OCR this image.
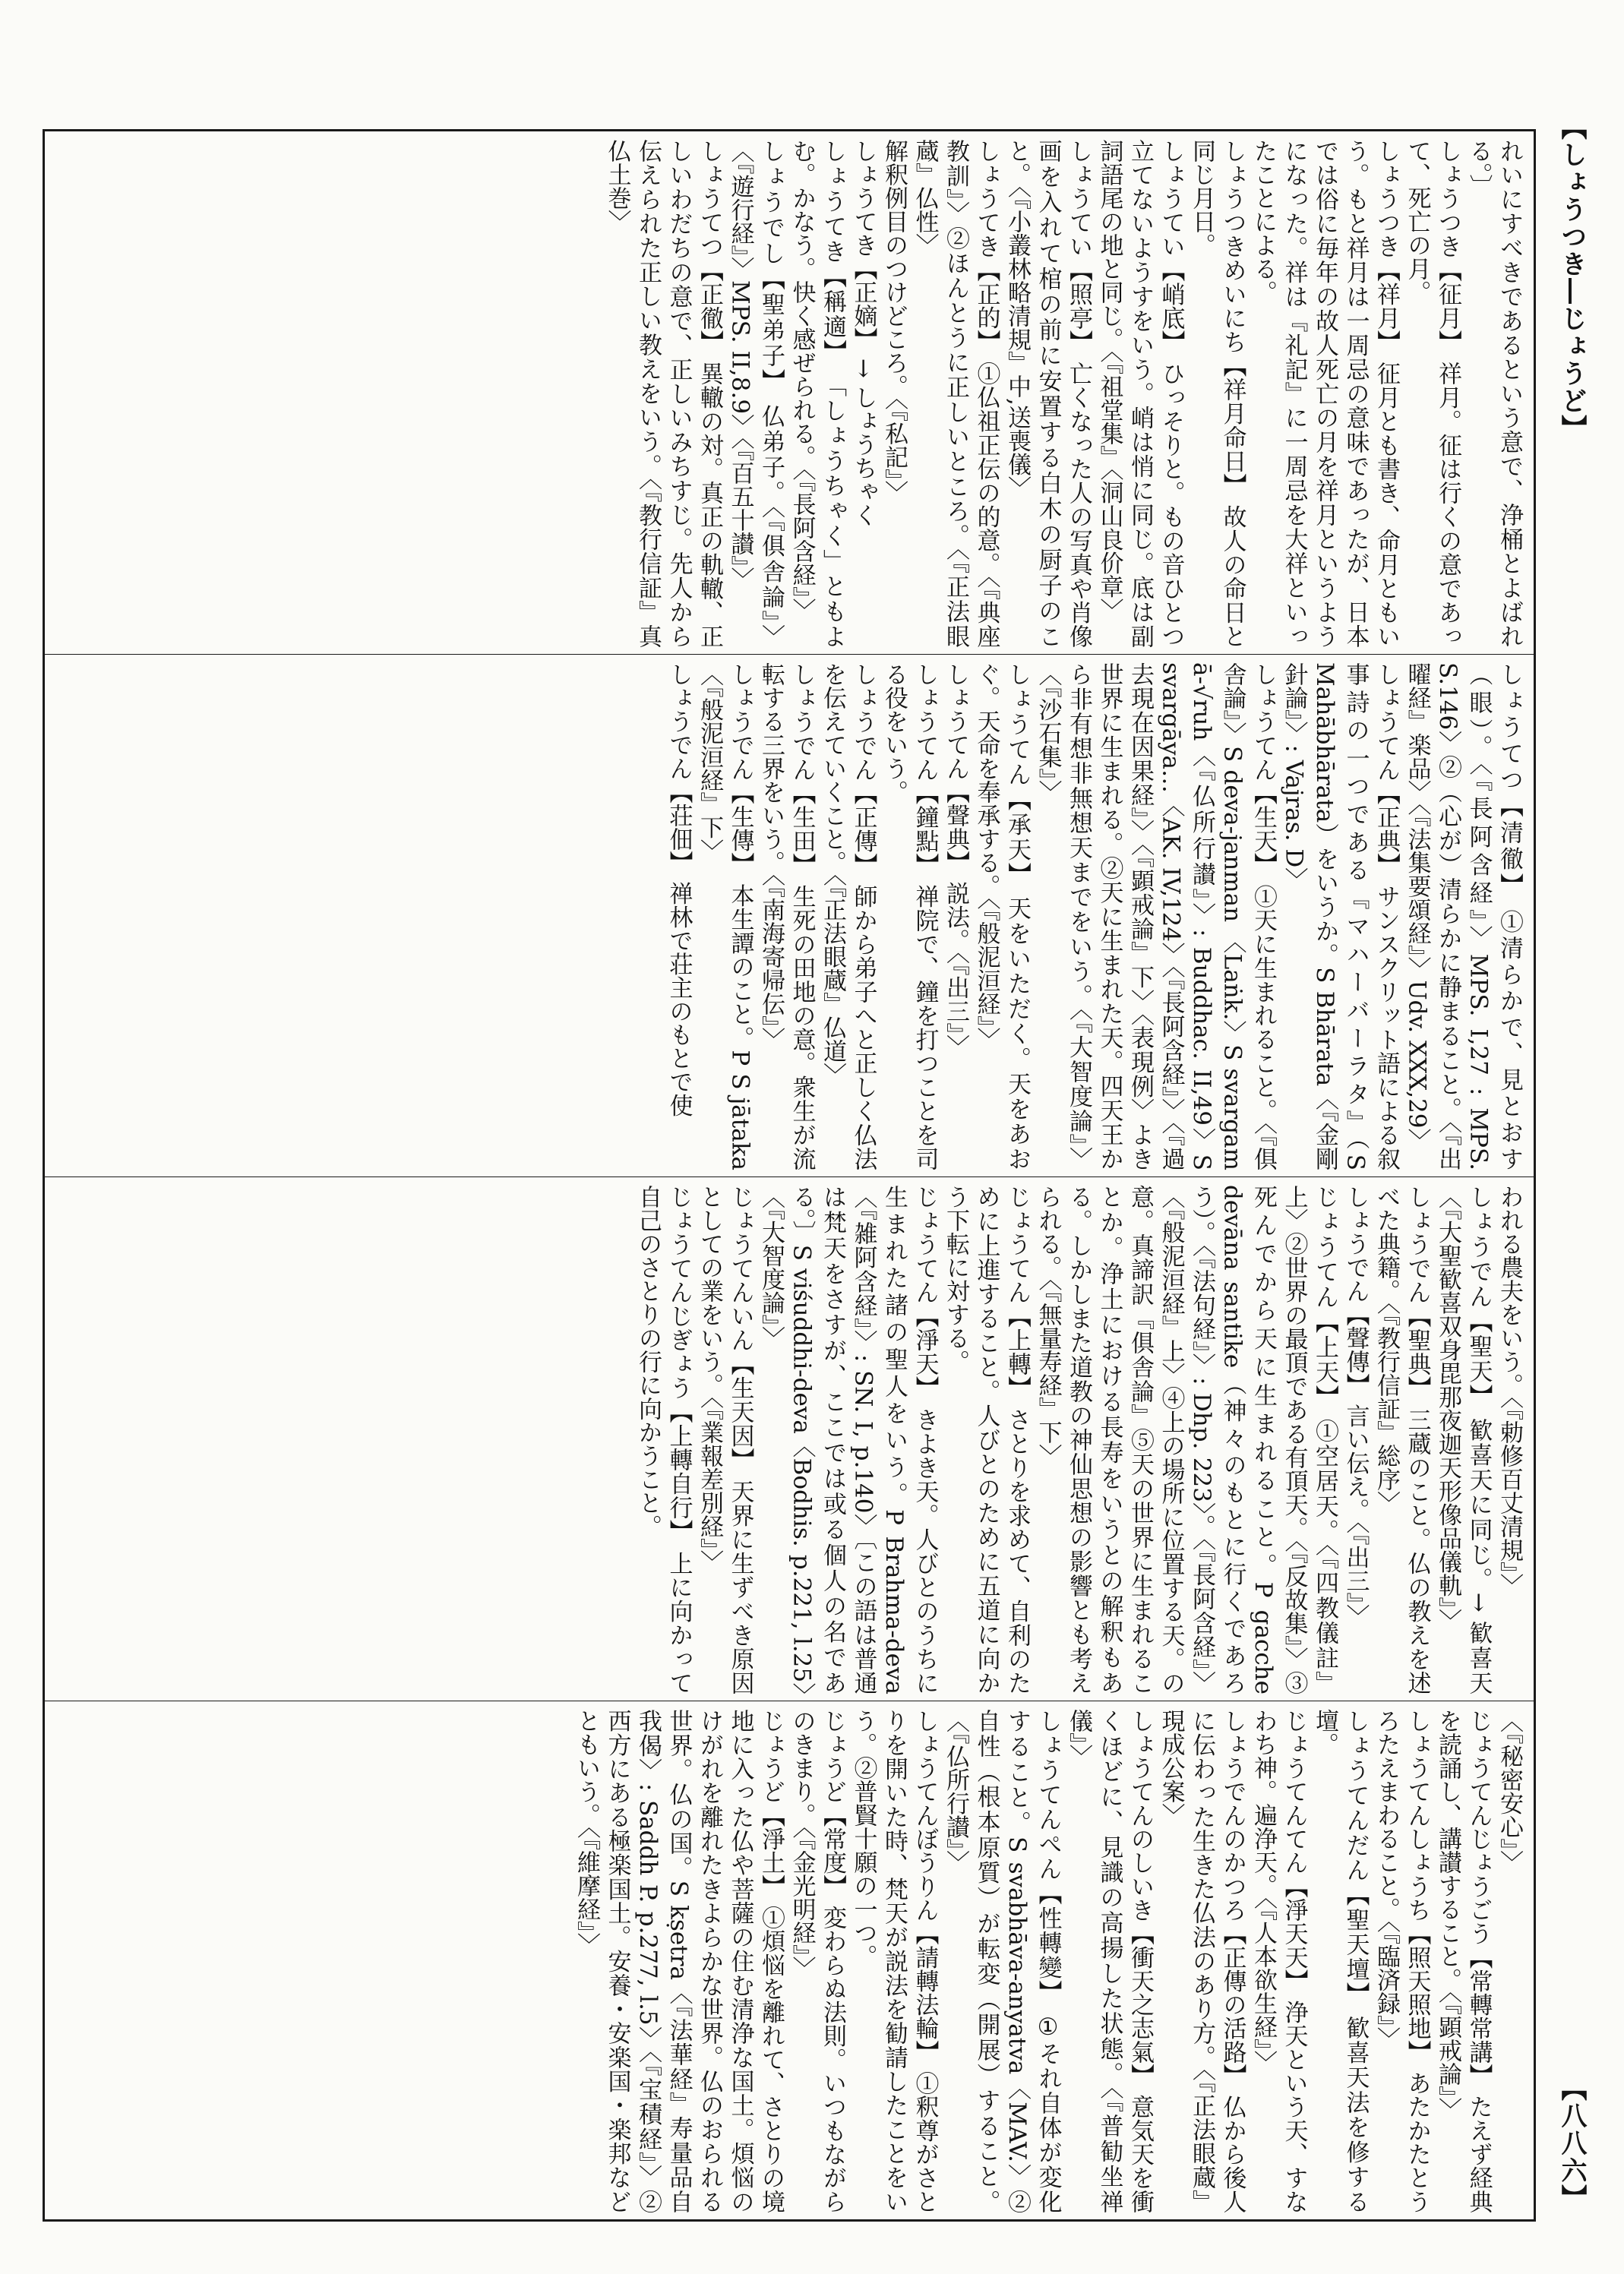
【しょうつき―じょうど】
【八八六】
れいにすべきであるという意で、浄桶とよばれる。〕
しょうつき【征月】 祥月。征は行くの意であって、死亡の月。
しょうつき【祥月】 征月とも書き、命月ともいう。もと祥月は一周忌の意味であったが、日本では俗に毎年の故人死亡の月を祥月というようになった。祥は『礼記』に一周忌を大祥といったことによる。
しょうつきめいにち【祥月命日】 故人の命日と同じ月日。
しょうてい【峭底】 ひっそりと。もの音ひとつ立てないようすをいう。峭は悄に同じ。底は副詞語尾の地と同じ。〈『祖堂集』〈洞山良价章〉
しょうてい【照亭】 亡くなった人の写真や肖像画を入れて棺の前に安置する白木の厨子のこと。〈『小叢林略清規』中,送喪儀〉
しょうてき【正的】 ①仏祖正伝の的意。〈『典座教訓』〉②ほんとうに正しいところ。〈『正法眼蔵』仏性〉
解釈例目のつけどころ。〈『私記』〉
しょうてき【正嫡】 → しょうちゃく
しょうてき【稱適】 「しょうちゃく」ともよむ。かなう。快く感ぜられる。〈『長阿含経』〉
しょうでし【聖弟子】 仏弟子。〈『俱舎論』〉〈『遊行経』〉MPS. II,8.9〉〈『百五十讃』〉
しょうてつ【正徹】 異轍の対。真正の軌轍、正しいわだちの意で、正しいみちすじ。先人から伝えられた正しい教えをいう。〈『教行信証』真仏土巻〉
しょうてつ【清徹】 ①清らかで、見とおす（眼）。〈『長阿含経』〉MPS. I,27 : MPS. S.146〉②（心が）清らかに静まること。〈『出曜経』楽品〉〈『法集要頌経』〉Udv. XXX,29〉
しょうてん【正典】 サンスクリット語による叙事詩の一つである『マハーバーラタ』（S Mahābhārata）をいうか。S Bhārata〈『金剛針論』〉: Vajras. D〉
しょうてん【生天】 ①天に生まれること。〈『俱舎論』〉S deva-janman 〈Laṅk.〉S svargam ā-√ruh〈『仏所行讃』〉: Buddhac. II,49〉S svargāya…〈AK. IV,124〉〈『長阿含経』〉〈『過去現在因果経』〉〈『顕戒論』下〉〈表現例〉よき世界に生まれる。②天に生まれた天。四天王から非有想非無想天までをいう。〈『大智度論』〉〈『沙石集』〉
しょうてん【承天】 天をいただく。天をあおぐ。天命を奉承する。〈『般泥洹経』〉
しょうてん【聲典】 説法。〈『出三』〉
しょうてん【鐘點】 禅院で、鐘を打つことを司る役をいう。
しょうでん【正傳】 師から弟子へと正しく仏法を伝えていくこと。〈『正法眼蔵』仏道〉
しょうでん【生田】 生死の田地の意。衆生が流転する三界をいう。〈『南海寄帰伝』〉
しょうでん【生傳】 本生譚のこと。P S jātaka〈『般泥洹経』下〉
しょうでん【荘佃】 禅林で荘主のもとで使
われる農夫をいう。〈『勅修百丈清規』〉
しょうでん【聖天】 歓喜天に同じ。→ 歓喜天〈『大聖歓喜双身毘那夜迦天形像品儀軌』〉
しょうでん【聖典】 三蔵のこと。仏の教えを述べた典籍。〈『教行信証』総序〉
しょうでん【聲傳】 言い伝え。〈『出三』〉
じょうてん【上天】 ①空居天。〈『四教儀註』上〉②世界の最頂である有頂天。〈『反故集』〉③死んでから天に生まれること。P gacche devāna santike（神々のもとに行くであろう）。〈『法句経』〉: Dhp. 223〉。〈『長阿含経』〉〈『般泥洹経』上〉④上の場所に位置する天。の意。真諦訳『俱舎論』⑤天の世界に生まれることか。浄土における長寿をいうとの解釈もある。しかしまた道教の神仙思想の影響とも考えられる。〈『無量寿経』下〉
じょうてん【上轉】 さとりを求めて、自利のために上進すること。人びとのために五道に向かう下転に対する。
じょうてん【淨天】 きよき天。人びとのうちに生まれた諸の聖人をいう。P Brahma-deva〈『雑阿含経』〉: SN. I, p.140〉〔この語は普通は梵天をさすが、ここでは或る個人の名である。〕S viśuddhi-deva〈Bodhis. p.221, l.25〉〈『大智度論』〉
じょうてんいん【生天因】 天界に生ずべき原因としての業をいう。〈『業報差別経』〉
じょうてんじぎょう【上轉自行】 上に向かって自己のさとりの行に向かうこと。
〈『秘密安心』〉
じょうてんじょうごう【常轉常講】 たえず経典を読誦し、講讃すること。〈『顕戒論』〉
しょうてんしょうち【照天照地】 あたかたとうろたえまわること。〈『臨済録』〉
しょうてんだん【聖天壇】 歓喜天法を修する壇。
じょうてんてん【淨天天】 浄天という天、すなわち神。遍浄天。〈『人本欲生経』〉
しょうでんのかつろ【正傳の活路】 仏から後人に伝わった生きた仏法のあり方。〈『正法眼蔵』現成公案〉
しょうてんのしいき【衝天之志氣】 意気天を衝くほどに、見識の高揚した状態。〈『普勧坐禅儀』〉
しょうてんぺん【性轉變】 ①それ自体が変化すること。S svabhāva-anyatva〈MAV.〉②自性（根本原質）が転変（開展）すること。〈『仏所行讃』〉
しょうてんぼうりん【請轉法輪】 ①釈尊がさとりを開いた時、梵天が説法を勧請したことをいう。②普賢十願の一つ。
じょうど【常度】 変わらぬ法則。いつもながらのきまり。〈『金光明経』〉
じょうど【淨土】 ①煩悩を離れて、さとりの境地に入った仏や菩薩の住む清浄な国土。煩悩のけがれを離れたきよらかな世界。仏のおられる世界。仏の国。S kṣetra〈『法華経』寿量品自我偈〉: Saddh P. p.277, l.5〉〈『宝積経』〉②西方にある極楽国土。安養・安楽国・楽邦などともいう。〈『維摩経』〉
